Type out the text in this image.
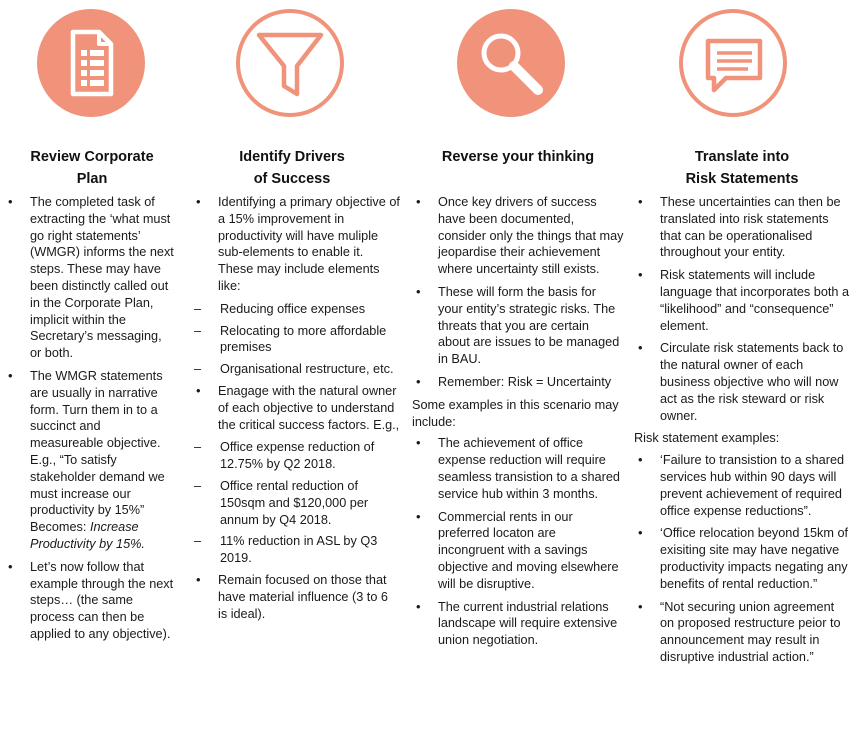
Review Corporate
Plan
Identify Drivers
of Success
Reverse your thinking	Translate into
Risk Statements
• The completed task of extracting the ‘what must go right statements’ (WMGR) informs the next steps. These may have been distinctly called out in the Corporate Plan, implicit within the Secretary’s messaging, or both.
• The WMGR statements are usually in narrative form. Turn them in to a succinct and measureable objective. E.g., “To satisfy stakeholder demand we must increase our productivity by 15%” Becomes: Increase Productivity by 15%.
• Let’s now follow that example through the next steps… (the same process can then be applied to any objective).
• Identifying a primary objective of a 15% improvement in productivity will have muliple sub-elements to enable it. These may include elements like:
– Reducing office expenses
– Relocating to more affordable premises
– Organisational restructure, etc.
• Enagage with the natural owner of each objective to understand the critical success factors. E.g.,
– Office expense reduction of 12.75% by Q2 2018.
– Office rental reduction of 150sqm and $120,000 per annum by Q4 2018.
– 11% reduction in ASL by Q3 2019.
• Remain focused on those that have material influence (3 to 6 is ideal).
• Once key drivers of success have been documented, consider only the things that may jeopardise their achievement where uncertainty still exists.
• These will form the basis for your entity’s strategic risks. The threats that you are certain about are issues to be managed in BAU.
• Remember: Risk = Uncertainty
Some examples in this scenario may include:
• The achievement of office expense reduction will require seamless transistion to a shared service hub within 3 months.
• Commercial rents in our preferred locaton are incongruent with a savings objective and moving elsewhere will be disruptive.
• The current industrial relations landscape will require extensive union negotiation.
• These uncertainties can then be translated into risk statements that can be operationalised throughout your entity.
• Risk statements will include language that incorporates both a “likelihood” and “consequence” element.
• Circulate risk statements back to the natural owner of each business objective who will now act as the risk steward or risk owner.
Risk statement examples:
• ‘Failure to transistion to a shared services hub within 90 days will prevent achievement of required office expense reductions”.
• ‘Office relocation beyond 15km of exisiting site may have negative productivity impacts negating any benefits of rental reduction.”
• “Not securing union agreement on proposed restructure peior to announcement may result in disruptive industrial action.”
